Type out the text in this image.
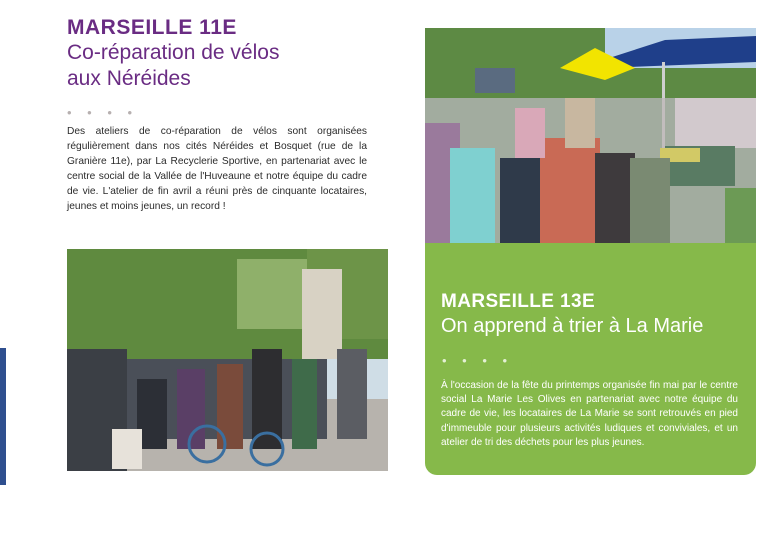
MARSEILLE 11E
Co-réparation de vélos
aux Néréides
• • • •

Des ateliers de co-réparation de vélos sont organisées régulièrement dans nos cités Néréides et Bosquet (rue de la Granière 11e), par La Recyclerie Sportive, en partenariat avec le centre social de la Vallée de l'Huveaune et notre équipe du cadre de vie. L'atelier de fin avril a réuni près de cinquante locataires, jeunes et moins jeunes, un record !

MARSEILLE 13E
On apprend à trier à La Marie
• • • •

À l'occasion de la fête du printemps organisée fin mai par le centre social La Marie Les Olives en partenariat avec notre équipe du cadre de vie, les locataires de La Marie se sont retrouvés en pied d'immeuble pour plusieurs activités ludiques et conviviales, et un atelier de tri des déchets pour les plus jeunes.
